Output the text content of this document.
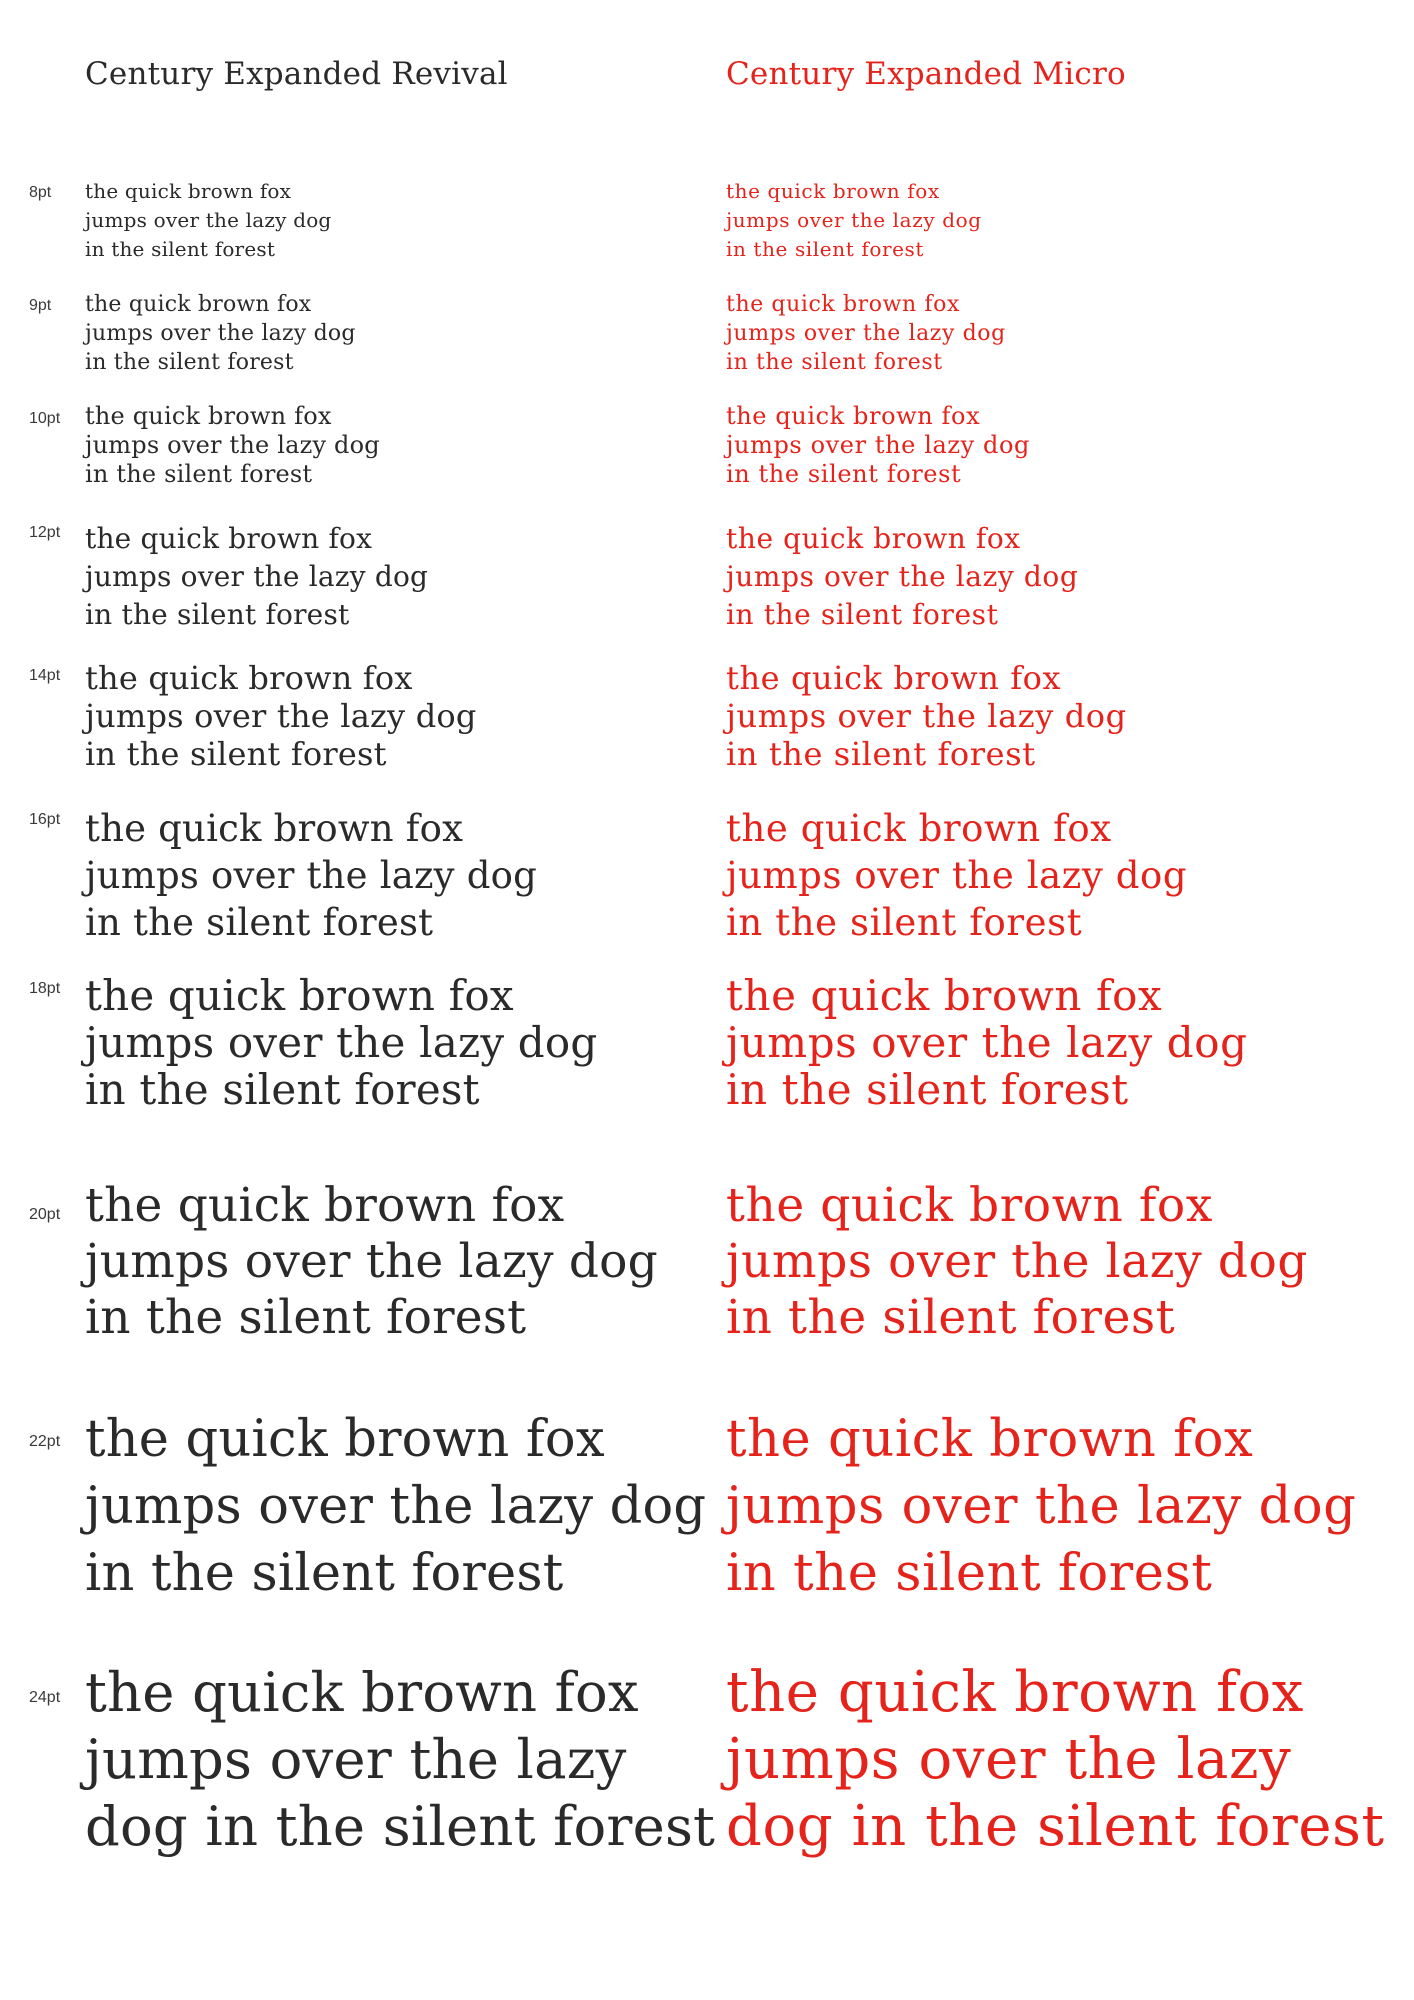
Century Expanded Revival	Century Expanded Micro
8pt the quick brown fox
jumps over the lazy dog
in the silent forest
the quick brown fox
jumps over the lazy dog
in the silent forest
9pt the quick brown fox
jumps over the lazy dog
in the silent forest
the quick brown fox
jumps over the lazy dog
in the silent forest
10pt the quick brown fox
jumps over the lazy dog
in the silent forest
the quick brown fox
jumps over the lazy dog
in the silent forest
12pt the quick brown fox
jumps over the lazy dog
in the silent forest
the quick brown fox
jumps over the lazy dog
in the silent forest
14pt the quick brown fox
jumps over the lazy dog
in the silent forest
the quick brown fox
jumps over the lazy dog
in the silent forest
16pt the quick brown fox
jumps over the lazy dog
in the silent forest
the quick brown fox
jumps over the lazy dog
in the silent forest
18pt the quick brown fox
jumps over the lazy dog
in the silent forest
the quick brown fox
jumps over the lazy dog
in the silent forest
20pt the quick brown fox
jumps over the lazy dog
in the silent forest
the quick brown fox
jumps over the lazy dog
in the silent forest
22pt the quick brown fox
jumps over the lazy dog
in the silent forest
the quick brown fox
jumps over the lazy dog
in the silent forest
24pt the quick brown fox
jumps over the lazy
dog in the silent forest
the quick brown fox
jumps over the lazy
dog in the silent forest
